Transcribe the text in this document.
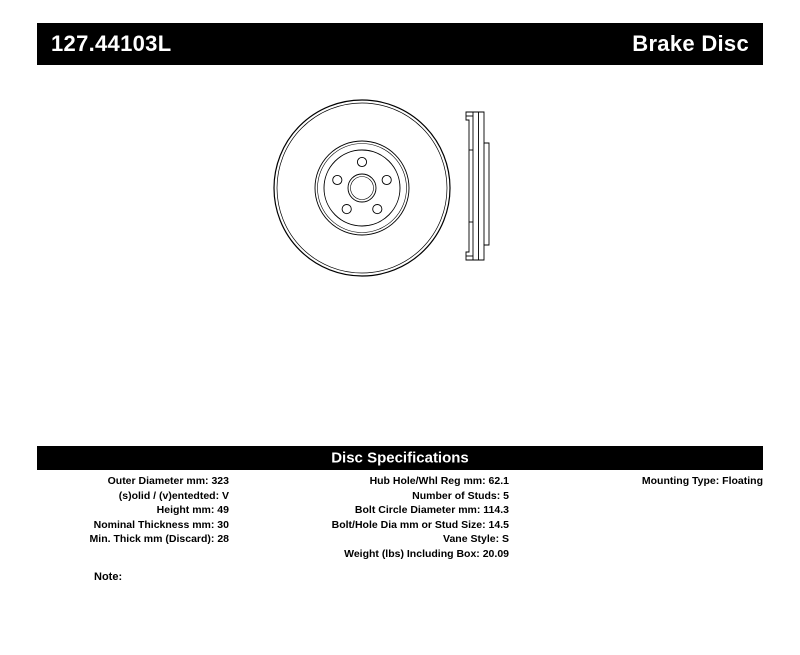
127.44103L	Brake Disc
Disc Specifications
Outer Diameter mm: 323
(s)olid / (v)entedted: V
Height mm: 49
Nominal Thickness mm: 30
Min. Thick mm (Discard): 28
Hub Hole/Whl Reg mm: 62.1
Number of Studs: 5
Bolt Circle Diameter mm: 114.3
Bolt/Hole Dia mm or Stud Size: 14.5
Vane Style: S
Weight (lbs) Including Box: 20.09
Mounting Type: Floating
Note:
